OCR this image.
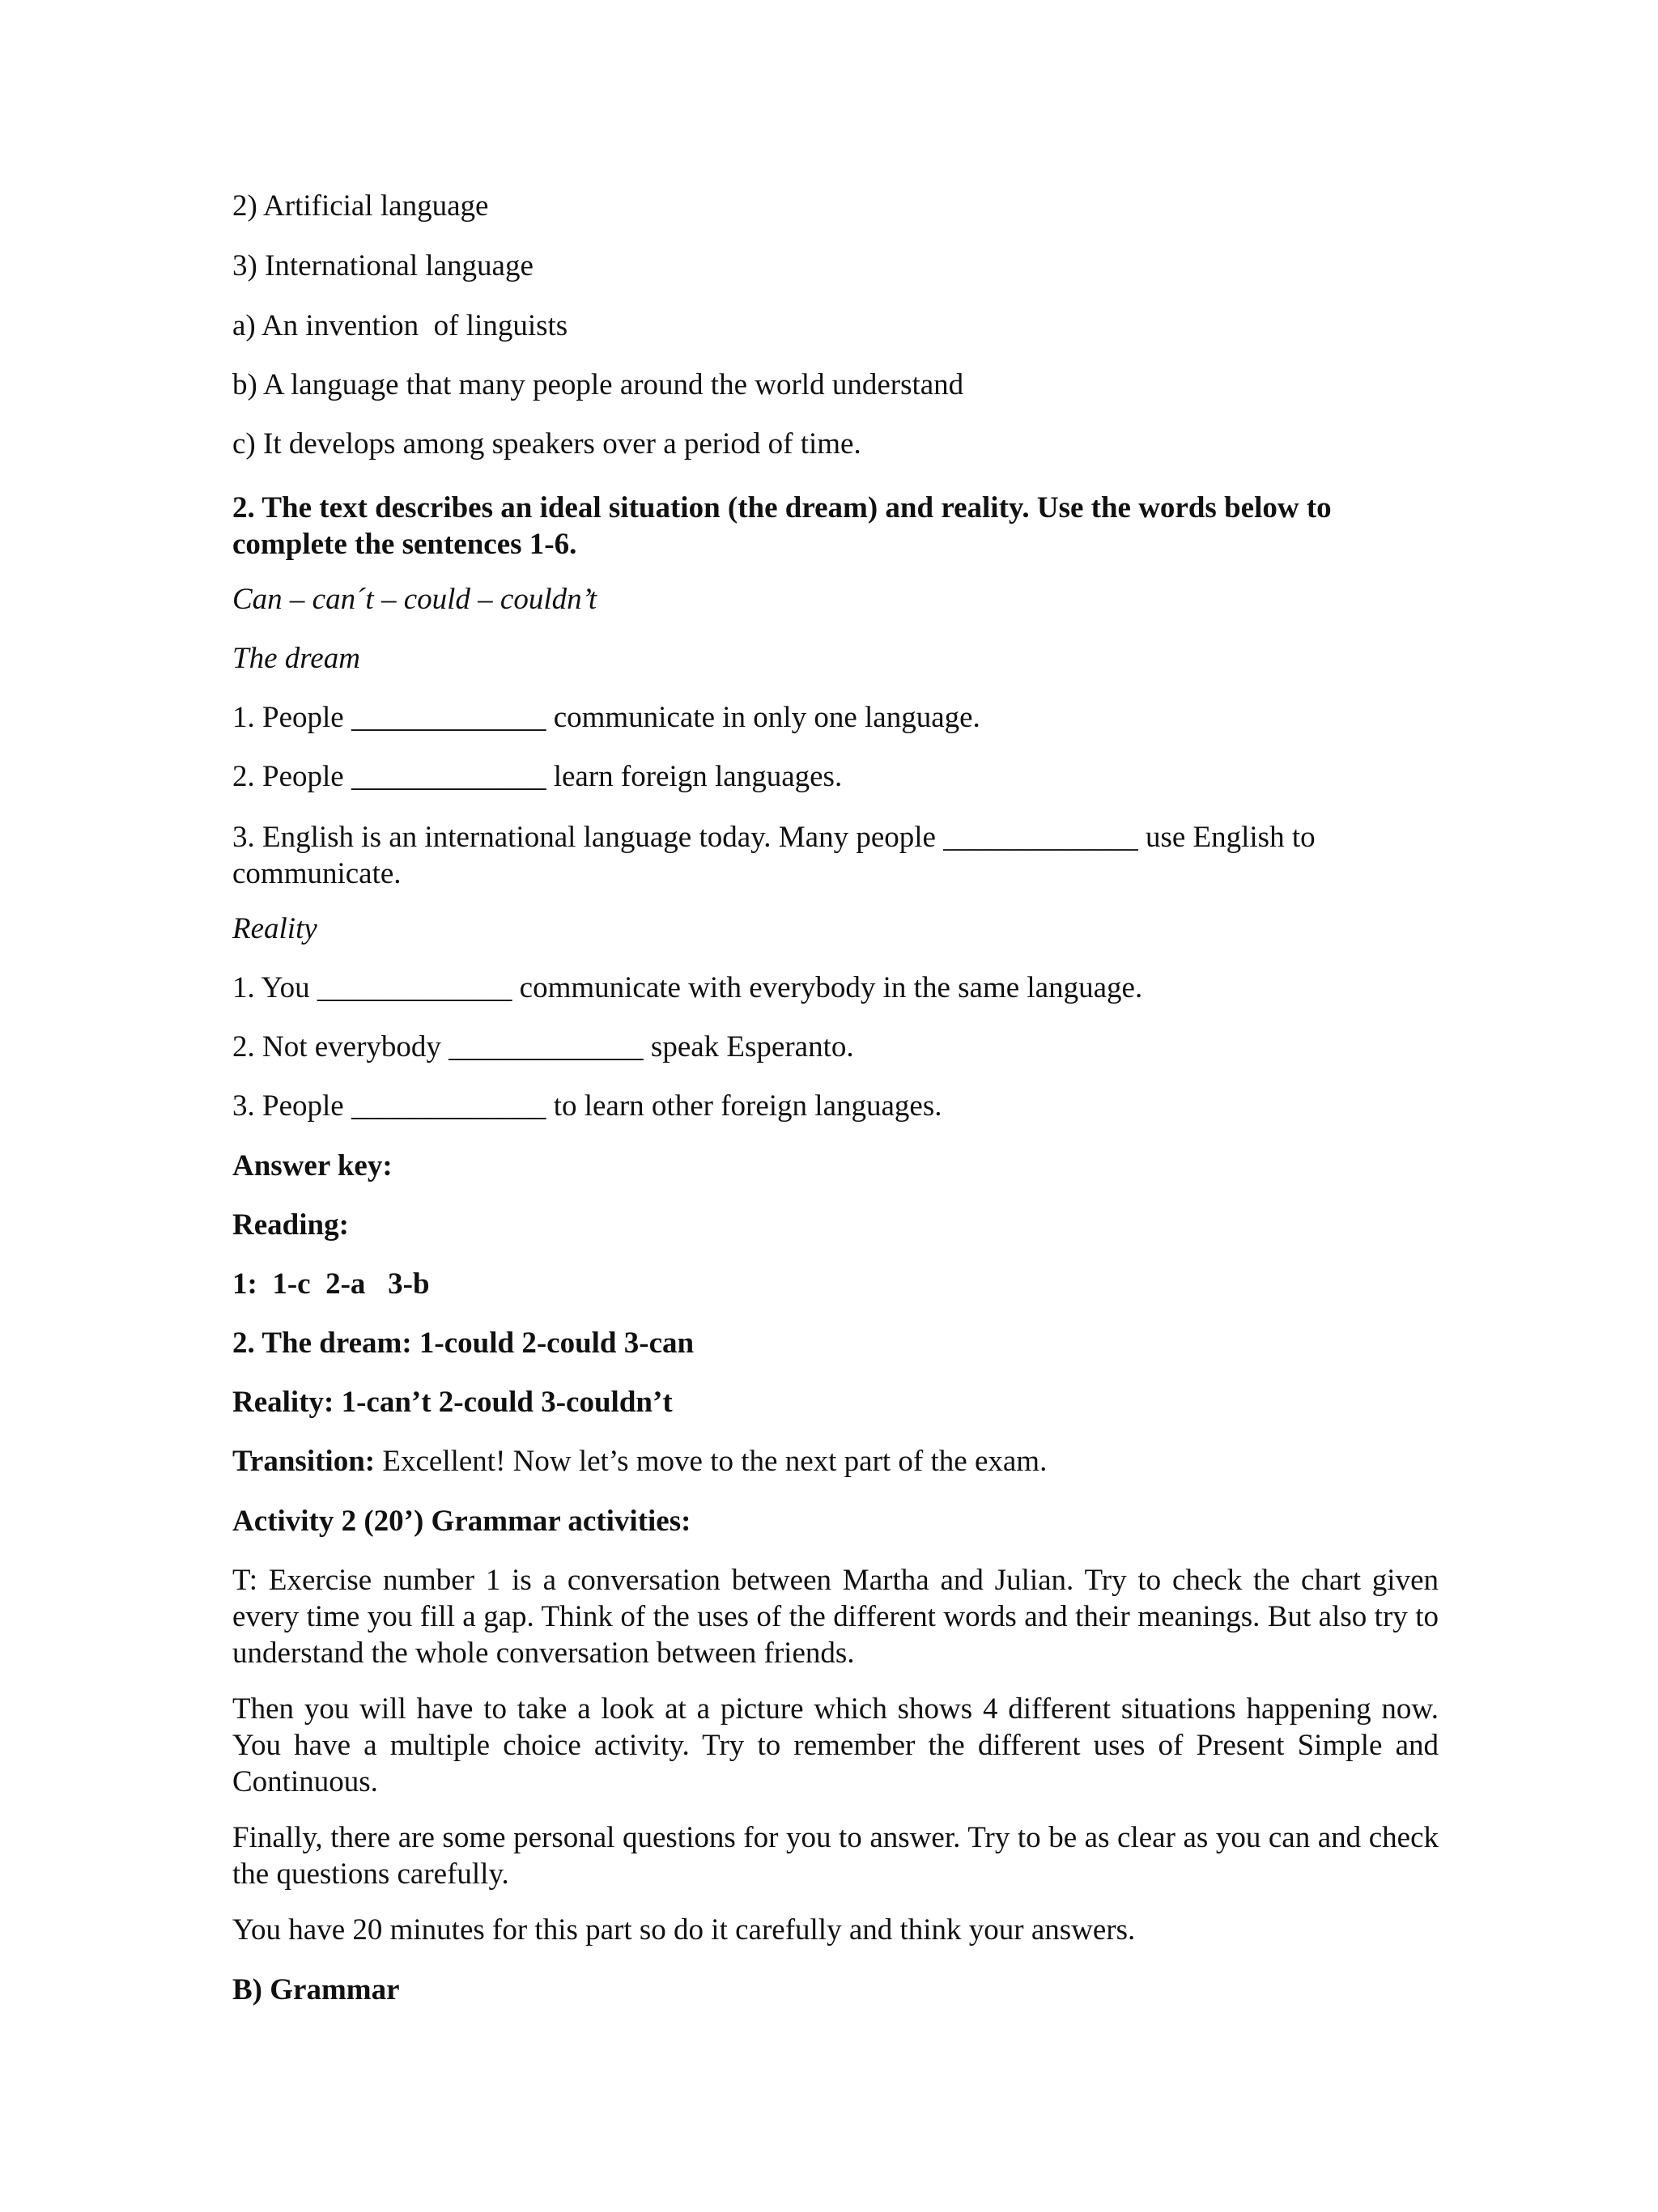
2) Artificial language
3) International language
a) An invention  of linguists
b) A language that many people around the world understand
c) It develops among speakers over a period of time.
2. The text describes an ideal situation (the dream) and reality. Use the words below to complete the sentences 1-6.
Can – can´t – could – couldn’t
The dream
1. People _____________ communicate in only one language.
2. People _____________ learn foreign languages.
3. English is an international language today. Many people _____________ use English to communicate.
Reality
1. You _____________ communicate with everybody in the same language.
2. Not everybody _____________ speak Esperanto.
3. People _____________ to learn other foreign languages.
Answer key:
Reading:
1:  1-c  2-a   3-b
2. The dream: 1-could 2-could 3-can
Reality: 1-can’t 2-could 3-couldn’t
Transition: Excellent! Now let’s move to the next part of the exam.
Activity 2 (20’) Grammar activities:
T: Exercise number 1 is a conversation between Martha and Julian. Try to check the chart given every time you fill a gap. Think of the uses of the different words and their meanings. But also try to understand the whole conversation between friends.
Then you will have to take a look at a picture which shows 4 different situations happening now. You have a multiple choice activity. Try to remember the different uses of Present Simple and Continuous.
Finally, there are some personal questions for you to answer. Try to be as clear as you can and check the questions carefully.
You have 20 minutes for this part so do it carefully and think your answers.
B) Grammar
